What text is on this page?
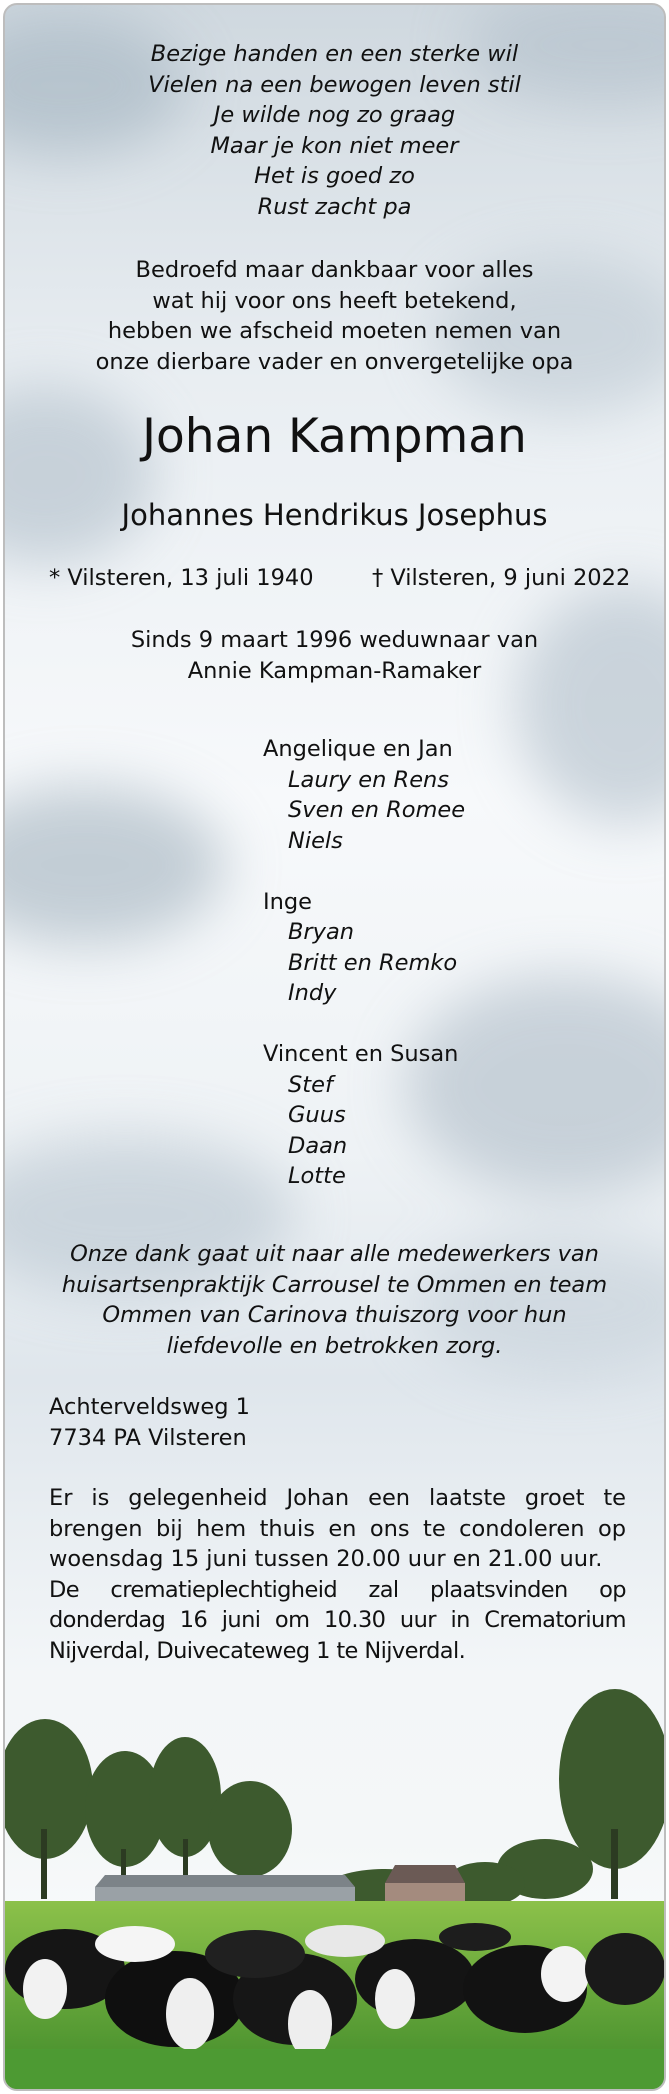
Bezige handen en een sterke wil
Vielen na een bewogen leven stil
Je wilde nog zo graag
Maar je kon niet meer
Het is goed zo
Rust zacht pa
Bedroefd maar dankbaar voor alles
wat hij voor ons heeft betekend,
hebben we afscheid moeten nemen van
onze dierbare vader en onvergetelijke opa
Johan Kampman
Johannes Hendrikus Josephus
* Vilsteren, 13 juli 1940	† Vilsteren, 9 juni 2022
Sinds 9 maart 1996 weduwnaar van
Annie Kampman-Ramaker
Angelique en Jan
Laury en Rens
Sven en Romee
Niels
Inge
Bryan
Britt en Remko
Indy
Vincent en Susan
Stef
Guus
Daan
Lotte
Onze dank gaat uit naar alle medewerkers van
huisartsenpraktijk Carrousel te Ommen en team
Ommen van Carinova thuiszorg voor hun
liefdevolle en betrokken zorg.
Achterveldsweg 1
7734 PA Vilsteren
Er is gelegenheid Johan een laatste groet te brengen bij hem thuis en ons te condoleren op woensdag 15 juni tussen 20.00 uur en 21.00 uur.
De crematieplechtigheid zal plaatsvinden op donderdag 16 juni om 10.30 uur in Crematorium Nijverdal, Duivecateweg 1 te Nijverdal.
